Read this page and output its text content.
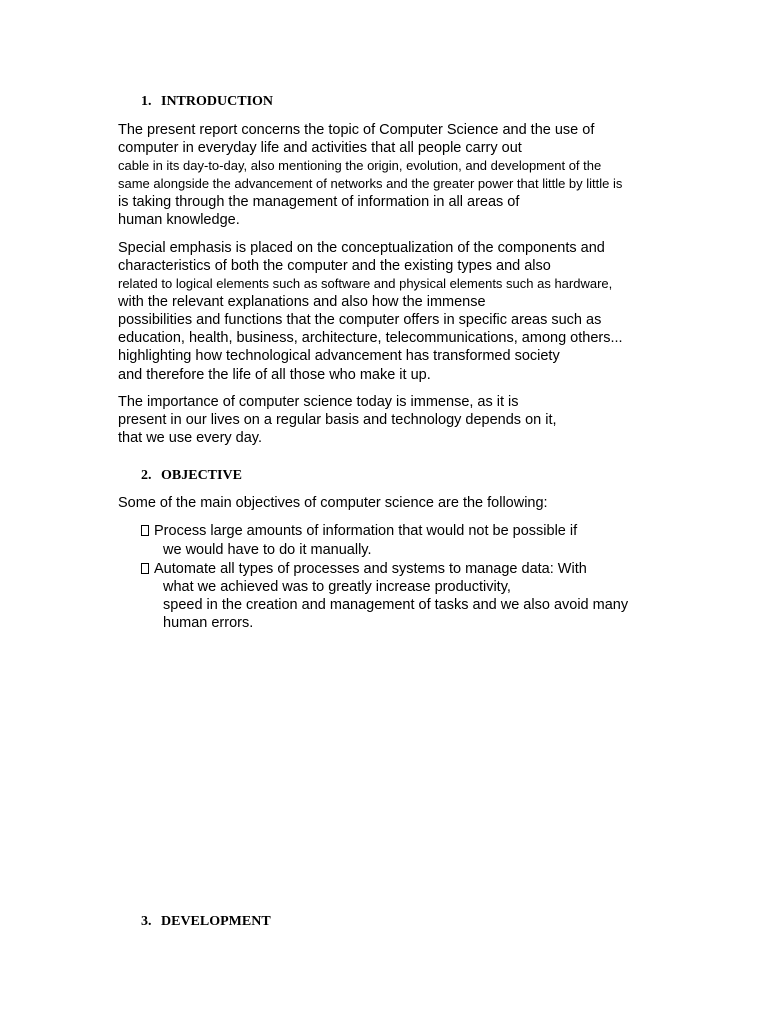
1. INTRODUCTION
The present report concerns the topic of Computer Science and the use of
computer in everyday life and activities that all people carry out
cable in its day-to-day, also mentioning the origin, evolution, and development of the
same alongside the advancement of networks and the greater power that little by little is
is taking through the management of information in all areas of
human knowledge.
Special emphasis is placed on the conceptualization of the components and
characteristics of both the computer and the existing types and also
related to logical elements such as software and physical elements such as hardware,
with the relevant explanations and also how the immense
possibilities and functions that the computer offers in specific areas such as
education, health, business, architecture, telecommunications, among others...
highlighting how technological advancement has transformed society
and therefore the life of all those who make it up.
The importance of computer science today is immense, as it is
present in our lives on a regular basis and technology depends on it,
that we use every day.
2. OBJECTIVE
Some of the main objectives of computer science are the following:
Process large amounts of information that would not be possible if
we would have to do it manually.
Automate all types of processes and systems to manage data: With
what we achieved was to greatly increase productivity,
speed in the creation and management of tasks and we also avoid many
human errors.
3. DEVELOPMENT
